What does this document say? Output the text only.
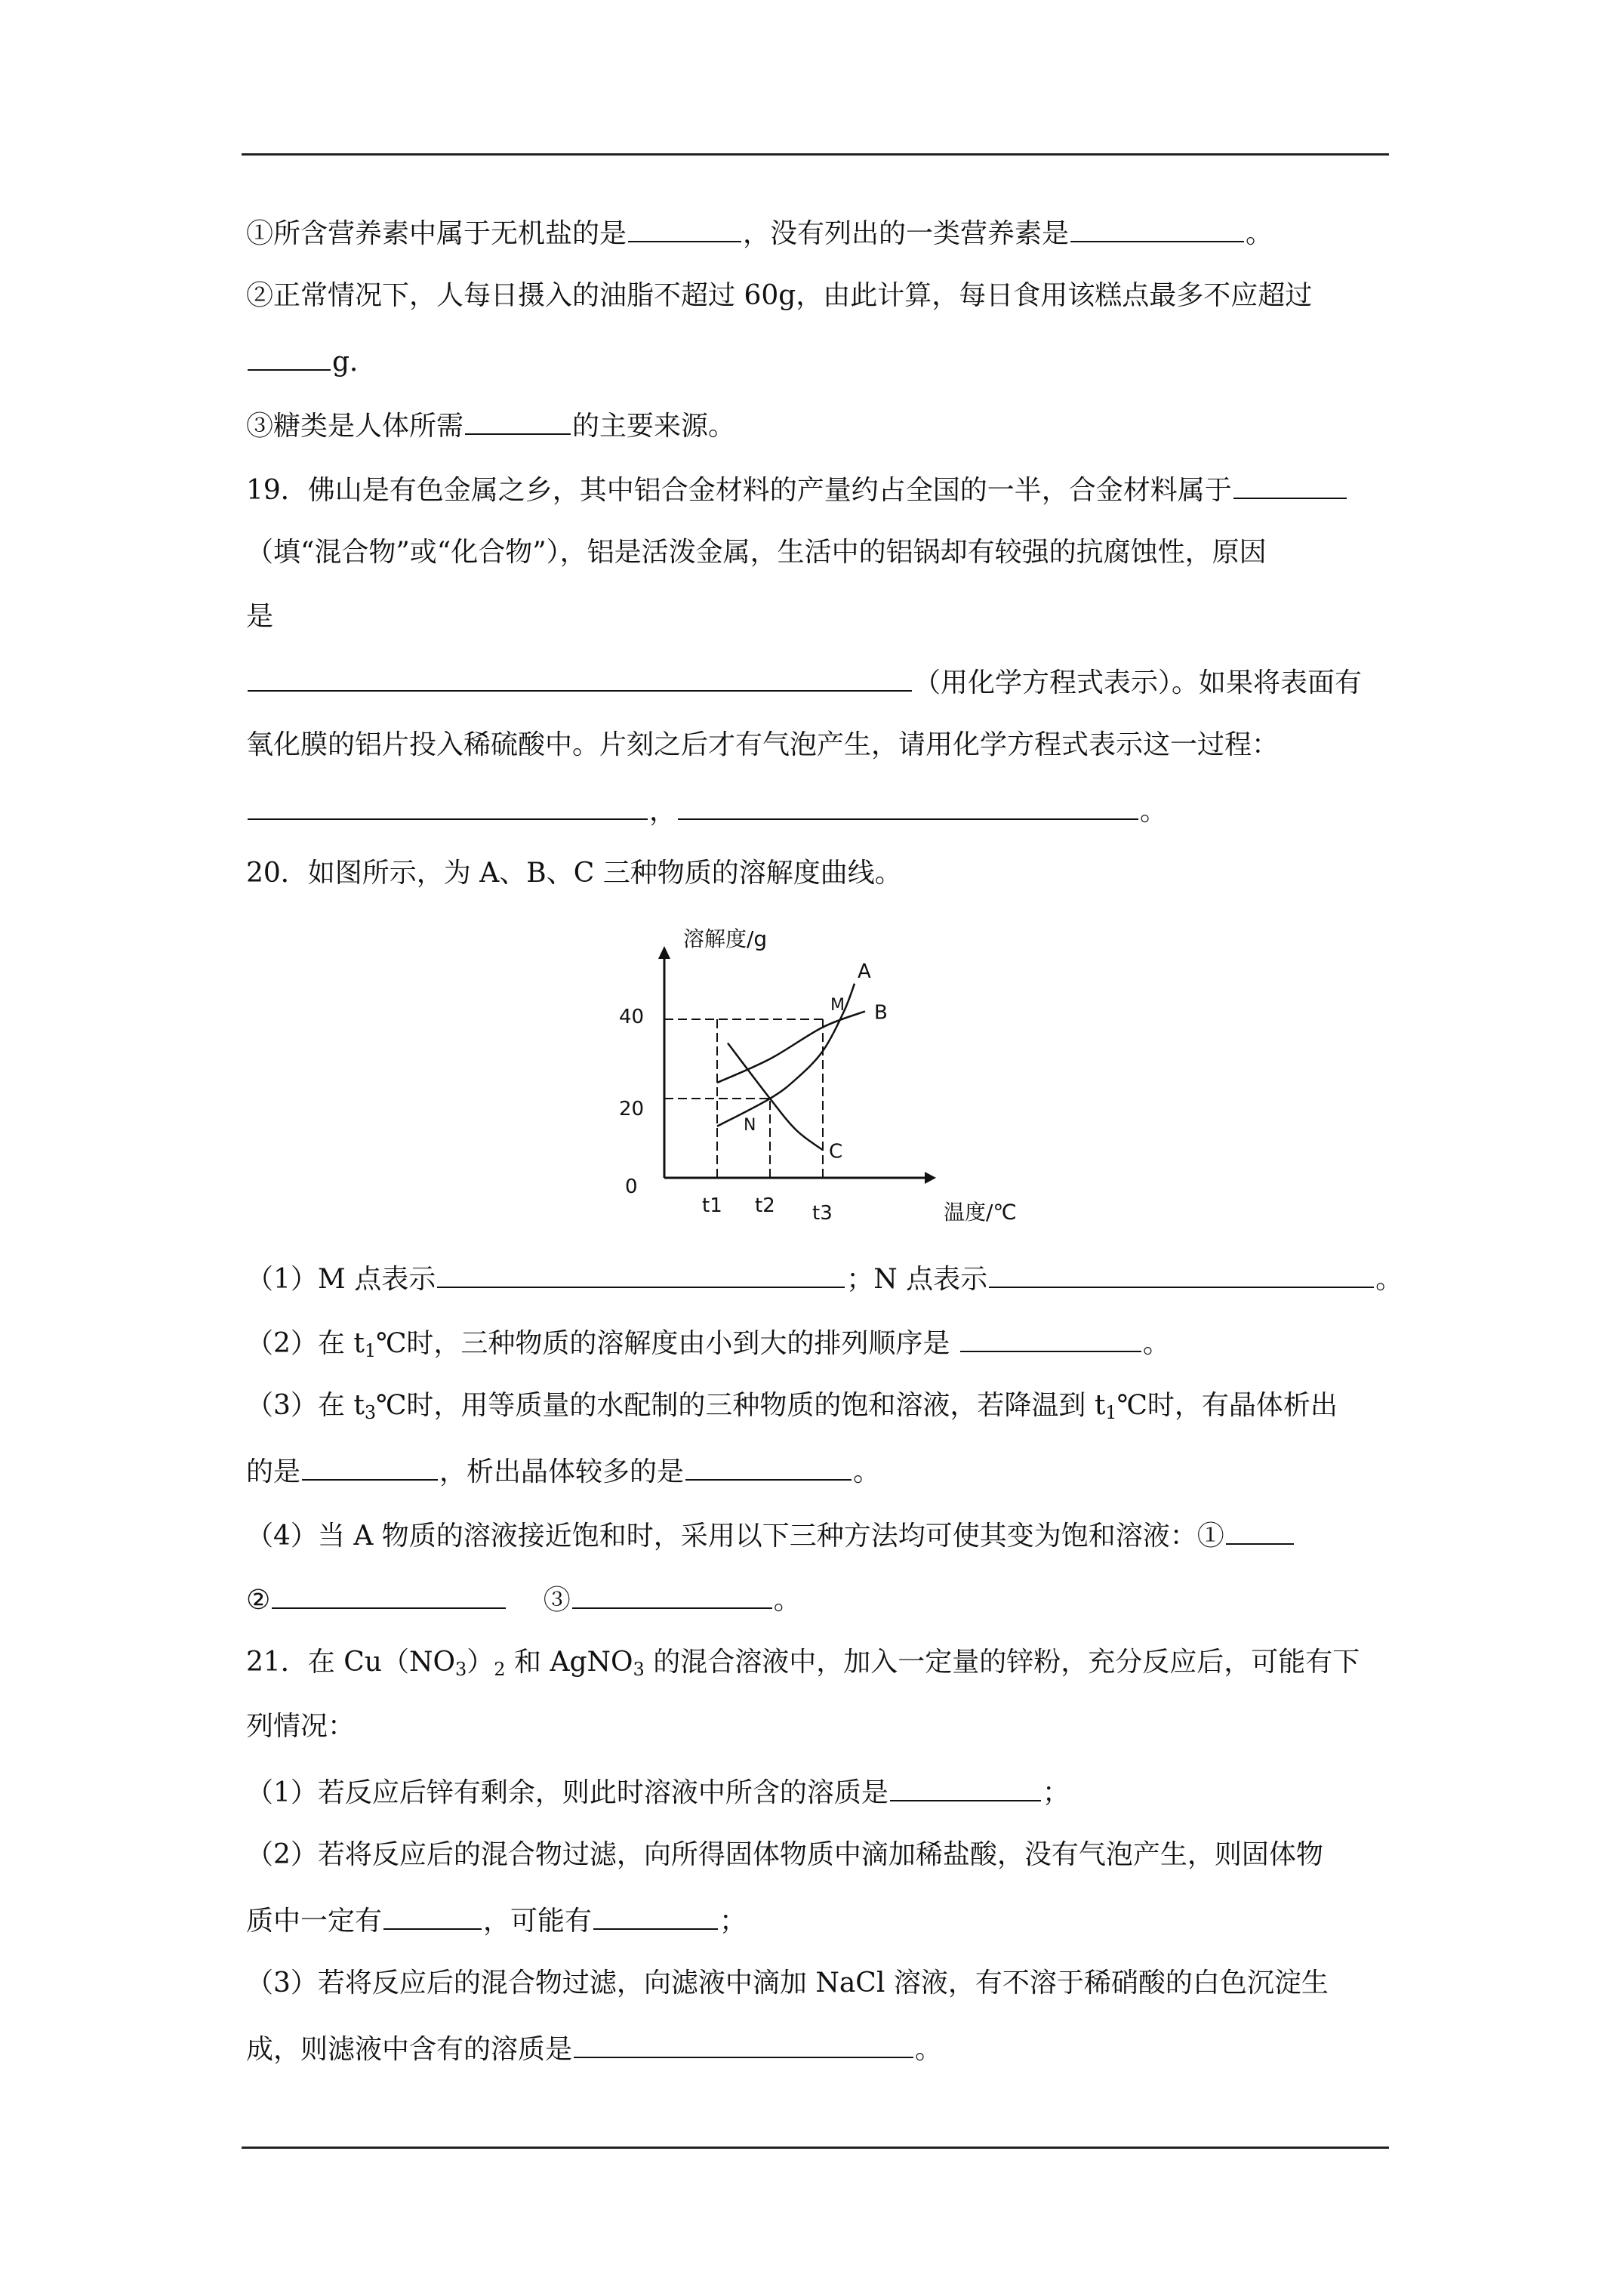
①所含营养素中属于无机盐的是	，没有列出的一类营养素是	。
②正常情况下，人每日摄入的油脂不超过 60g，由此计算，每日食用该糕点最多不应超过
g．
③糖类是人体所需	的主要来源。
19．佛山是有色金属之乡，其中铝合金材料的产量约占全国的一半，合金材料属于
（填“混合物”或“化合物”），铝是活泼金属，生活中的铝锅却有较强的抗腐蚀性，原因
是
（用化学方程式表示）。如果将表面有
氧化膜的铝片投入稀硫酸中。片刻之后才有气泡产生，请用化学方程式表示这一过程：
，	。
20．如图所示，为 A、B、C 三种物质的溶解度曲线。
（1）M 点表示	；N 点表示	。
（2）在 $t_1℃$时，三种物质的溶解度由小到大的排列顺序是	。
（3）在 $t_3℃$时，用等质量的水配制的三种物质的饱和溶液，若降温到 $t_1℃$时，有晶体析出
的是	，析出晶体较多的是	。
（4）当 A 物质的溶液接近饱和时，采用以下三种方法均可使其变为饱和溶液：①
②	　 ③	。
21．在 $Cu(NO_3)_2$ 和 AgNO$_3$ 的混合溶液中，加入一定量的锌粉，充分反应后，可能有下
列情况：
（1）若反应后锌有剩余，则此时溶液中所含的溶质是	；
（2）若将反应后的混合物过滤，向所得固体物质中滴加稀盐酸，没有气泡产生，则固体物
质中一定有	，可能有	；
（3）若将反应后的混合物过滤，向滤液中滴加 NaCl 溶液，有不溶于稀硝酸的白色沉淀生
成，则滤液中含有的溶质是	。
溶解度/g
温度/℃
0
20
40
t1 t2 t3
A
B
C
M
N
